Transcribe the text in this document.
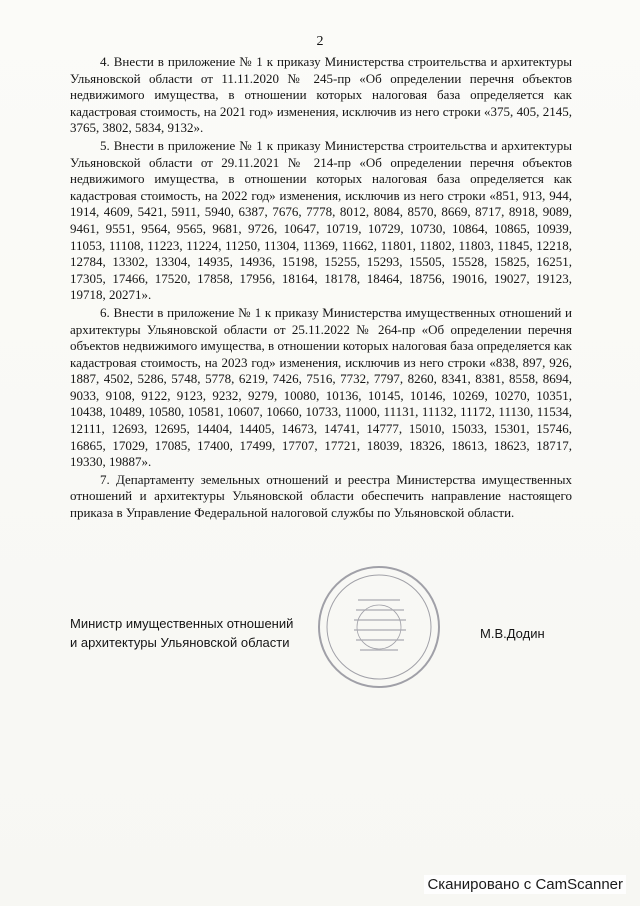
2

4. Внести в приложение № 1 к приказу Министерства строительства и архитектуры Ульяновской области от 11.11.2020 № 245-пр «Об определении перечня объектов недвижимого имущества, в отношении которых налоговая база определяется как кадастровая стоимость, на 2021 год» изменения, исключив из него строки «375, 405, 2145, 3765, 3802, 5834, 9132».

5. Внести в приложение № 1 к приказу Министерства строительства и архитектуры Ульяновской области от 29.11.2021 № 214-пр «Об определении перечня объектов недвижимого имущества, в отношении которых налоговая база определяется как кадастровая стоимость, на 2022 год» изменения, исключив из него строки «851, 913, 944, 1914, 4609, 5421, 5911, 5940, 6387, 7676, 7778, 8012, 8084, 8570, 8669, 8717, 8918, 9089, 9461, 9551, 9564, 9565, 9681, 9726, 10647, 10719, 10729, 10730, 10864, 10865, 10939, 11053, 11108, 11223, 11224, 11250, 11304, 11369, 11662, 11801, 11802, 11803, 11845, 12218, 12784, 13302, 13304, 14935, 14936, 15198, 15255, 15293, 15505, 15528, 15825, 16251, 17305, 17466, 17520, 17858, 17956, 18164, 18178, 18464, 18756, 19016, 19027, 19123, 19718, 20271».

6. Внести в приложение № 1 к приказу Министерства имущественных отношений и архитектуры Ульяновской области от 25.11.2022 № 264-пр «Об определении перечня объектов недвижимого имущества, в отношении которых налоговая база определяется как кадастровая стоимость, на 2023 год» изменения, исключив из него строки «838, 897, 926, 1887, 4502, 5286, 5748, 5778, 6219, 7426, 7516, 7732, 7797, 8260, 8341, 8381, 8558, 8694, 9033, 9108, 9122, 9123, 9232, 9279, 10080, 10136, 10145, 10146, 10269, 10270, 10351, 10438, 10489, 10580, 10581, 10607, 10660, 10733, 11000, 11131, 11132, 11172, 11130, 11534, 12111, 12693, 12695, 14404, 14405, 14673, 14741, 14777, 15010, 15033, 15301, 15746, 16865, 17029, 17085, 17400, 17499, 17707, 17721, 18039, 18326, 18613, 18623, 18717, 19330, 19887».

7. Департаменту земельных отношений и реестра Министерства имущественных отношений и архитектуры Ульяновской области обеспечить направление настоящего приказа в Управление Федеральной налоговой службы по Ульяновской области.

Министр имущественных отношений
и архитектуры Ульяновской области
М.В.Додин
Сканировано с CamScanner
